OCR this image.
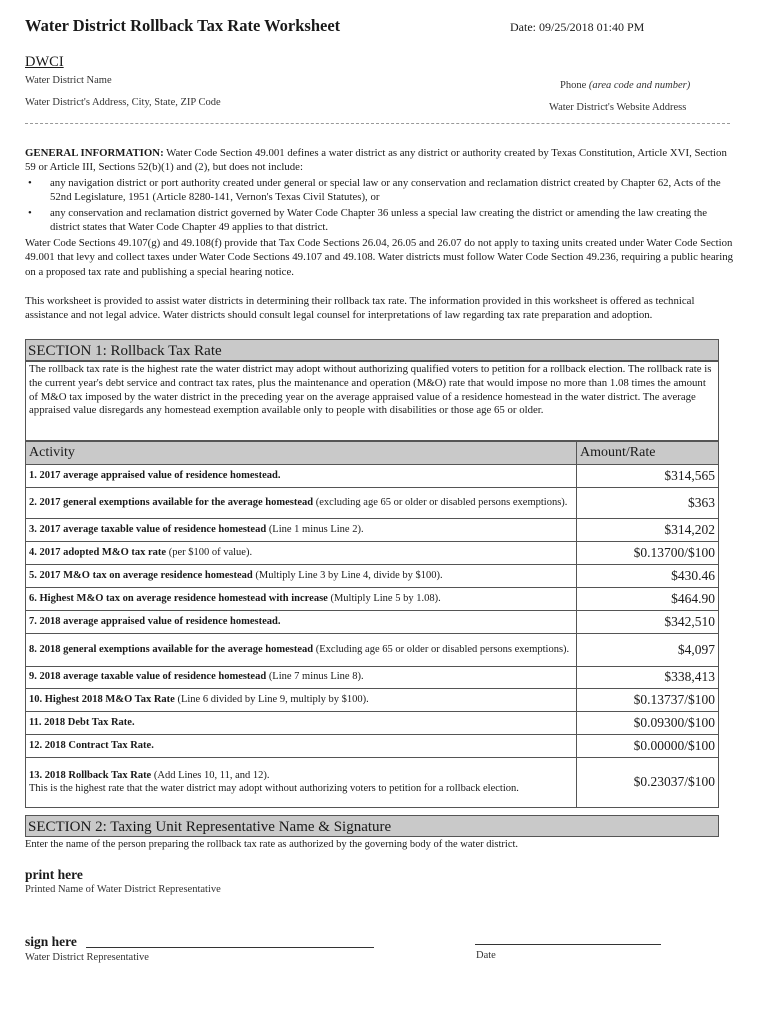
Water District Rollback Tax Rate Worksheet	Date: 09/25/2018 01:40 PM
DWCI
Water District Name
Water District's Address, City, State, ZIP Code
Phone (area code and number)
Water District's Website Address
GENERAL INFORMATION: Water Code Section 49.001 defines a water district as any district or authority created by Texas Constitution, Article XVI, Section 59 or Article III, Sections 52(b)(1) and (2), but does not include:
• any navigation district or port authority created under general or special law or any conservation and reclamation district created by Chapter 62, Acts of the 52nd Legislature, 1951 (Article 8280-141, Vernon's Texas Civil Statutes), or
• any conservation and reclamation district governed by Water Code Chapter 36 unless a special law creating the district or amending the law creating the district states that Water Code Chapter 49 applies to that district.
Water Code Sections 49.107(g) and 49.108(f) provide that Tax Code Sections 26.04, 26.05 and 26.07 do not apply to taxing units created under Water Code Section 49.001 that levy and collect taxes under Water Code Sections 49.107 and 49.108. Water districts must follow Water Code Section 49.236, requiring a public hearing on a proposed tax rate and publishing a special hearing notice.
This worksheet is provided to assist water districts in determining their rollback tax rate. The information provided in this worksheet is offered as technical assistance and not legal advice. Water districts should consult legal counsel for interpretations of law regarding tax rate preparation and adoption.
SECTION 1: Rollback Tax Rate
The rollback tax rate is the highest rate the water district may adopt without authorizing qualified voters to petition for a rollback election. The rollback rate is the current year's debt service and contract tax rates, plus the maintenance and operation (M&O) rate that would impose no more than 1.08 times the amount of M&O tax imposed by the water district in the preceding year on the average appraised value of a residence homestead in the water district. The average appraised value disregards any homestead exemption available only to people with disabilities or those age 65 or older.
Activity	Amount/Rate
1. 2017 average appraised value of residence homestead.	$314,565
2. 2017 general exemptions available for the average homestead (excluding age 65 or older or disabled persons exemptions).	$363
3. 2017 average taxable value of residence homestead (Line 1 minus Line 2).	$314,202
4. 2017 adopted M&O tax rate (per $100 of value).	$0.13700/$100
5. 2017 M&O tax on average residence homestead (Multiply Line 3 by Line 4, divide by $100).	$430.46
6. Highest M&O tax on average residence homestead with increase (Multiply Line 5 by 1.08).	$464.90
7. 2018 average appraised value of residence homestead.	$342,510
8. 2018 general exemptions available for the average homestead (Excluding age 65 or older or disabled persons exemptions).	$4,097
9. 2018 average taxable value of residence homestead (Line 7 minus Line 8).	$338,413
10. Highest 2018 M&O Tax Rate (Line 6 divided by Line 9, multiply by $100).	$0.13737/$100
11. 2018 Debt Tax Rate.	$0.09300/$100
12. 2018 Contract Tax Rate.	$0.00000/$100
13. 2018 Rollback Tax Rate (Add Lines 10, 11, and 12).
This is the highest rate that the water district may adopt without authorizing voters to petition for a rollback election.	$0.23037/$100
SECTION 2: Taxing Unit Representative Name & Signature
Enter the name of the person preparing the rollback tax rate as authorized by the governing body of the water district.
print here
Printed Name of Water District Representative
sign here
Water District Representative	Date
